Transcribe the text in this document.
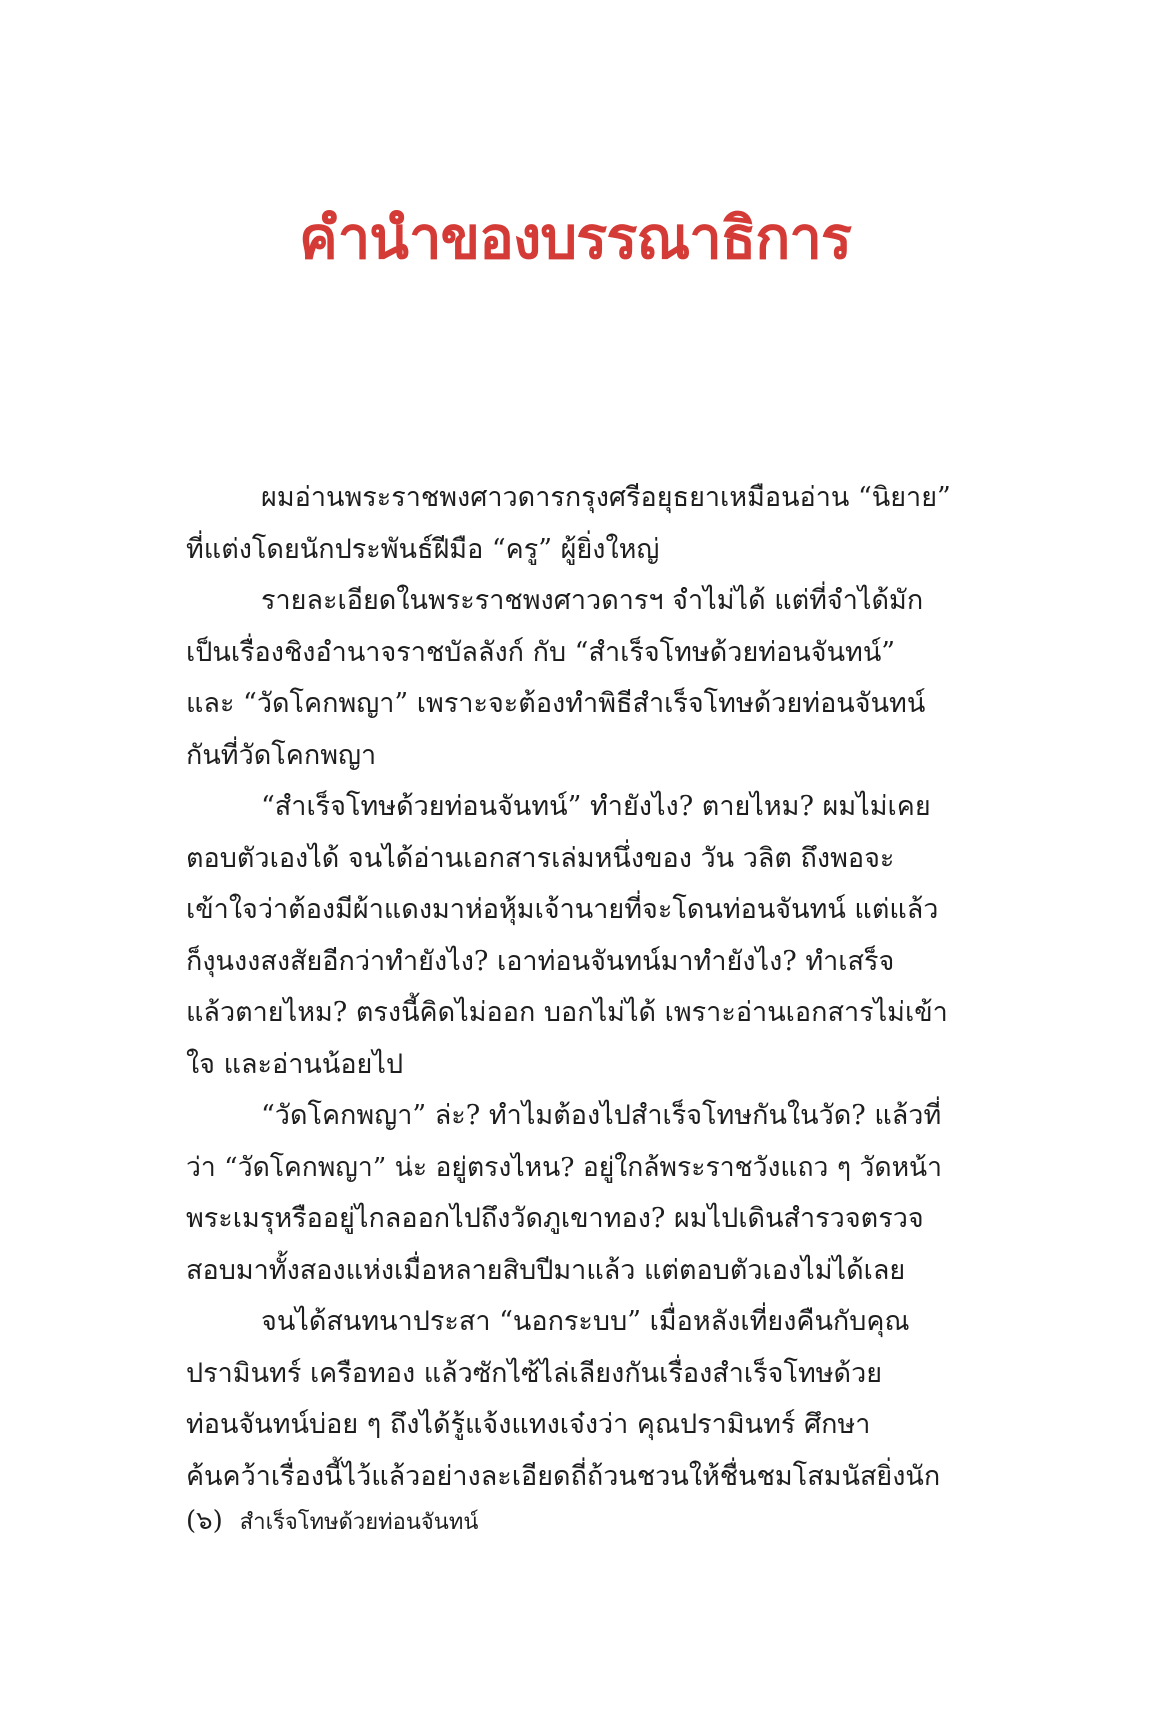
คำนำของบรรณาธิการ
ผมอ่านพระราชพงศาวดารกรุงศรีอยุธยาเหมือนอ่าน “นิยาย”
ที่แต่งโดยนักประพันธ์ฝีมือ “ครู” ผู้ยิ่งใหญ่
รายละเอียดในพระราชพงศาวดารฯ จำไม่ได้ แต่ที่จำได้มัก
เป็นเรื่องชิงอำนาจราชบัลลังก์ กับ “สำเร็จโทษด้วยท่อนจันทน์”
และ “วัดโคกพญา” เพราะจะต้องทำพิธีสำเร็จโทษด้วยท่อนจันทน์
กันที่วัดโคกพญา
“สำเร็จโทษด้วยท่อนจันทน์” ทำยังไง? ตายไหม? ผมไม่เคย
ตอบตัวเองได้ จนได้อ่านเอกสารเล่มหนึ่งของ วัน วลิต ถึงพอจะ
เข้าใจว่าต้องมีผ้าแดงมาห่อหุ้มเจ้านายที่จะโดนท่อนจันทน์ แต่แล้ว
ก็งุนงงสงสัยอีกว่าทำยังไง? เอาท่อนจันทน์มาทำยังไง? ทำเสร็จ
แล้วตายไหม? ตรงนี้คิดไม่ออก บอกไม่ได้ เพราะอ่านเอกสารไม่เข้า
ใจ และอ่านน้อยไป
“วัดโคกพญา” ล่ะ? ทำไมต้องไปสำเร็จโทษกันในวัด? แล้วที่
ว่า “วัดโคกพญา” น่ะ อยู่ตรงไหน? อยู่ใกล้พระราชวังแถว ๆ วัดหน้า
พระเมรุหรืออยู่ไกลออกไปถึงวัดภูเขาทอง? ผมไปเดินสำรวจตรวจ
สอบมาทั้งสองแห่งเมื่อหลายสิบปีมาแล้ว แต่ตอบตัวเองไม่ได้เลย
จนได้สนทนาประสา “นอกระบบ” เมื่อหลังเที่ยงคืนกับคุณ
ปรามินทร์ เครือทอง แล้วซักไซ้ไล่เลียงกันเรื่องสำเร็จโทษด้วย
ท่อนจันทน์บ่อย ๆ ถึงได้รู้แจ้งแทงเจ๋งว่า คุณปรามินทร์ ศึกษา
ค้นคว้าเรื่องนี้ไว้แล้วอย่างละเอียดถี่ถ้วนชวนให้ชื่นชมโสมนัสยิ่งนัก
(๖) สำเร็จโทษด้วยท่อนจันทน์
